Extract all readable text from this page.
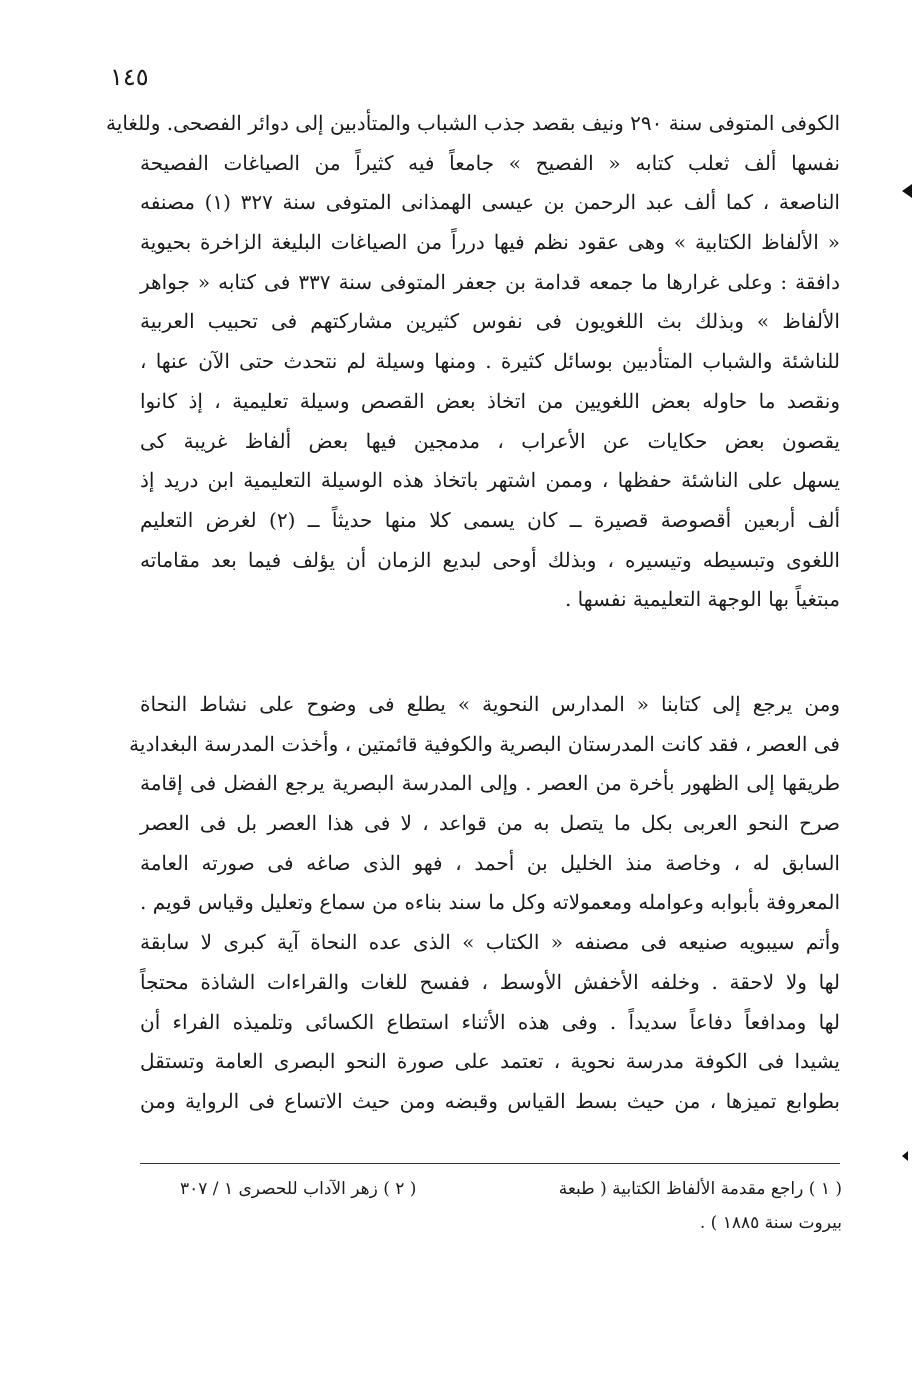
١٤٥
الكوفى المتوفى سنة ٢٩٠ ونيف بقصد جذب الشباب والمتأدبين إلى دوائر الفصحى. وللغاية
نفسها ألف ثعلب كتابه « الفصيح » جامعاً فيه كثيراً من الصياغات الفصيحة
الناصعة ، كما ألف عبد الرحمن بن عيسى الهمذانى المتوفى سنة ٣٢٧ (١) مصنفه
« الألفاظ الكتابية » وهى عقود نظم فيها درراً من الصياغات البليغة الزاخرة بحيوية
دافقة : وعلى غرارها ما جمعه قدامة بن جعفر المتوفى سنة ٣٣٧ فى كتابه « جواهر
الألفاظ » وبذلك بث اللغويون فى نفوس كثيرين مشاركتهم فى تحبيب العربية
للناشئة والشباب المتأدبين بوسائل كثيرة . ومنها وسيلة لم نتحدث حتى الآن عنها ،
ونقصد ما حاوله بعض اللغويين من اتخاذ بعض القصص وسيلة تعليمية ، إذ كانوا
يقصون بعض حكايات عن الأعراب ، مدمجين فيها بعض ألفاظ غريبة كى
يسهل على الناشئة حفظها ، وممن اشتهر باتخاذ هذه الوسيلة التعليمية ابن دريد إذ
ألف أربعين أقصوصة قصيرة ــ كان يسمى كلا منها حديثاً ــ (٢) لغرض التعليم
اللغوى وتبسيطه وتيسيره ، وبذلك أوحى لبديع الزمان أن يؤلف فيما بعد مقاماته
مبتغياً بها الوجهة التعليمية نفسها .
ومن يرجع إلى كتابنا « المدارس النحوية » يطلع فى وضوح على نشاط النحاة
فى العصر ، فقد كانت المدرستان البصرية والكوفية قائمتين ، وأخذت المدرسة البغدادية
طريقها إلى الظهور بأخرة من العصر . وإلى المدرسة البصرية يرجع الفضل فى إقامة
صرح النحو العربى بكل ما يتصل به من قواعد ، لا فى هذا العصر بل فى العصر
السابق له ، وخاصة منذ الخليل بن أحمد ، فهو الذى صاغه فى صورته العامة
المعروفة بأبوابه وعوامله ومعمولاته وكل ما سند بناءه من سماع وتعليل وقياس قويم .
وأتم سيبويه صنيعه فى مصنفه « الكتاب » الذى عده النحاة آية كبرى لا سابقة
لها ولا لاحقة . وخلفه الأخفش الأوسط ، ففسح للغات والقراءات الشاذة محتجاً
لها ومدافعاً دفاعاً سديداً . وفى هذه الأثناء استطاع الكسائى وتلميذه الفراء أن
يشيدا فى الكوفة مدرسة نحوية ، تعتمد على صورة النحو البصرى العامة وتستقل
بطوابع تميزها ، من حيث بسط القياس وقبضه ومن حيث الاتساع فى الرواية ومن
( ١ ) راجع مقدمة الألفاظ الكتابية ( طبعة
( ٢ ) زهر الآداب للحصرى ١ / ٣٠٧
بيروت سنة ١٨٨٥ ) .
